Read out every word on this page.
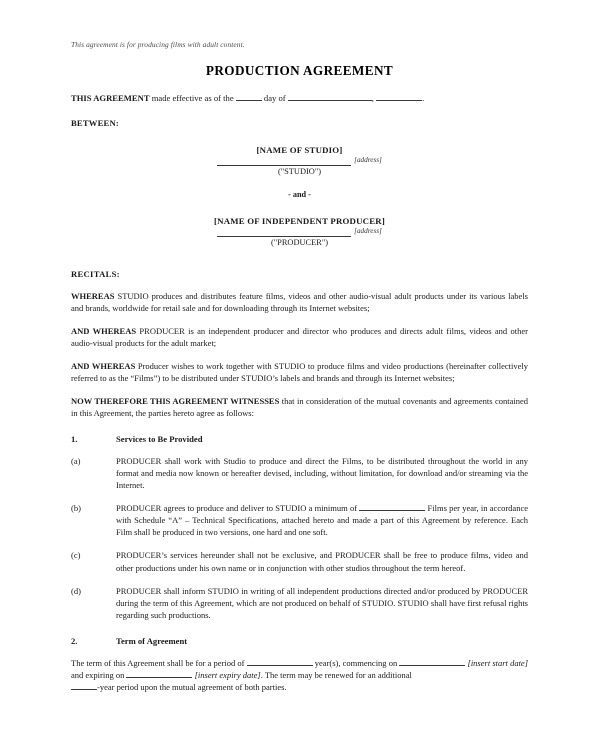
This agreement is for producing films with adult content.
PRODUCTION AGREEMENT
THIS AGREEMENT made effective as of the	day of	,	.
BETWEEN:
[NAME OF STUDIO]
[address]
("STUDIO")
- and -
[NAME OF INDEPENDENT PRODUCER]
[address]
("PRODUCER")
RECITALS:

WHEREAS STUDIO produces and distributes feature films, videos and other audio-visual adult products under its various labels and brands, worldwide for retail sale and for downloading through its Internet websites;

AND WHEREAS PRODUCER is an independent producer and director who produces and directs adult films, videos and other audio-visual products for the adult market;

AND WHEREAS Producer wishes to work together with STUDIO to produce films and video productions (hereinafter collectively referred to as the “Films”) to be distributed under STUDIO’s labels and brands and through its Internet websites;

NOW THEREFORE THIS AGREEMENT WITNESSES that in consideration of the mutual covenants and agreements contained in this Agreement, the parties hereto agree as follows:

1.	Services to Be Provided
(a)	PRODUCER shall work with Studio to produce and direct the Films, to be distributed throughout the world in any format and media now known or hereafter devised, including, without limitation, for download and/or streaming via the Internet.
(b)	PRODUCER agrees to produce and deliver to STUDIO a minimum of	Films per year, in accordance with Schedule “A” – Technical Specifications, attached hereto and made a part of this Agreement by reference. Each Film shall be produced in two versions, one hard and one soft.
(c)	PRODUCER’s services hereunder shall not be exclusive, and PRODUCER shall be free to produce films, video and other productions under his own name or in conjunction with other studios throughout the term hereof.
(d)	PRODUCER shall inform STUDIO in writing of all independent productions directed and/or produced by PRODUCER during the term of this Agreement, which are not produced on behalf of STUDIO. STUDIO shall have first refusal rights regarding such productions.
2.	Term of Agreement

The term of this Agreement shall be for a period of	year(s), commencing on	[insert start date] and expiring on	[insert expiry date]. The term may be renewed for an additional
-year period upon the mutual agreement of both parties.
